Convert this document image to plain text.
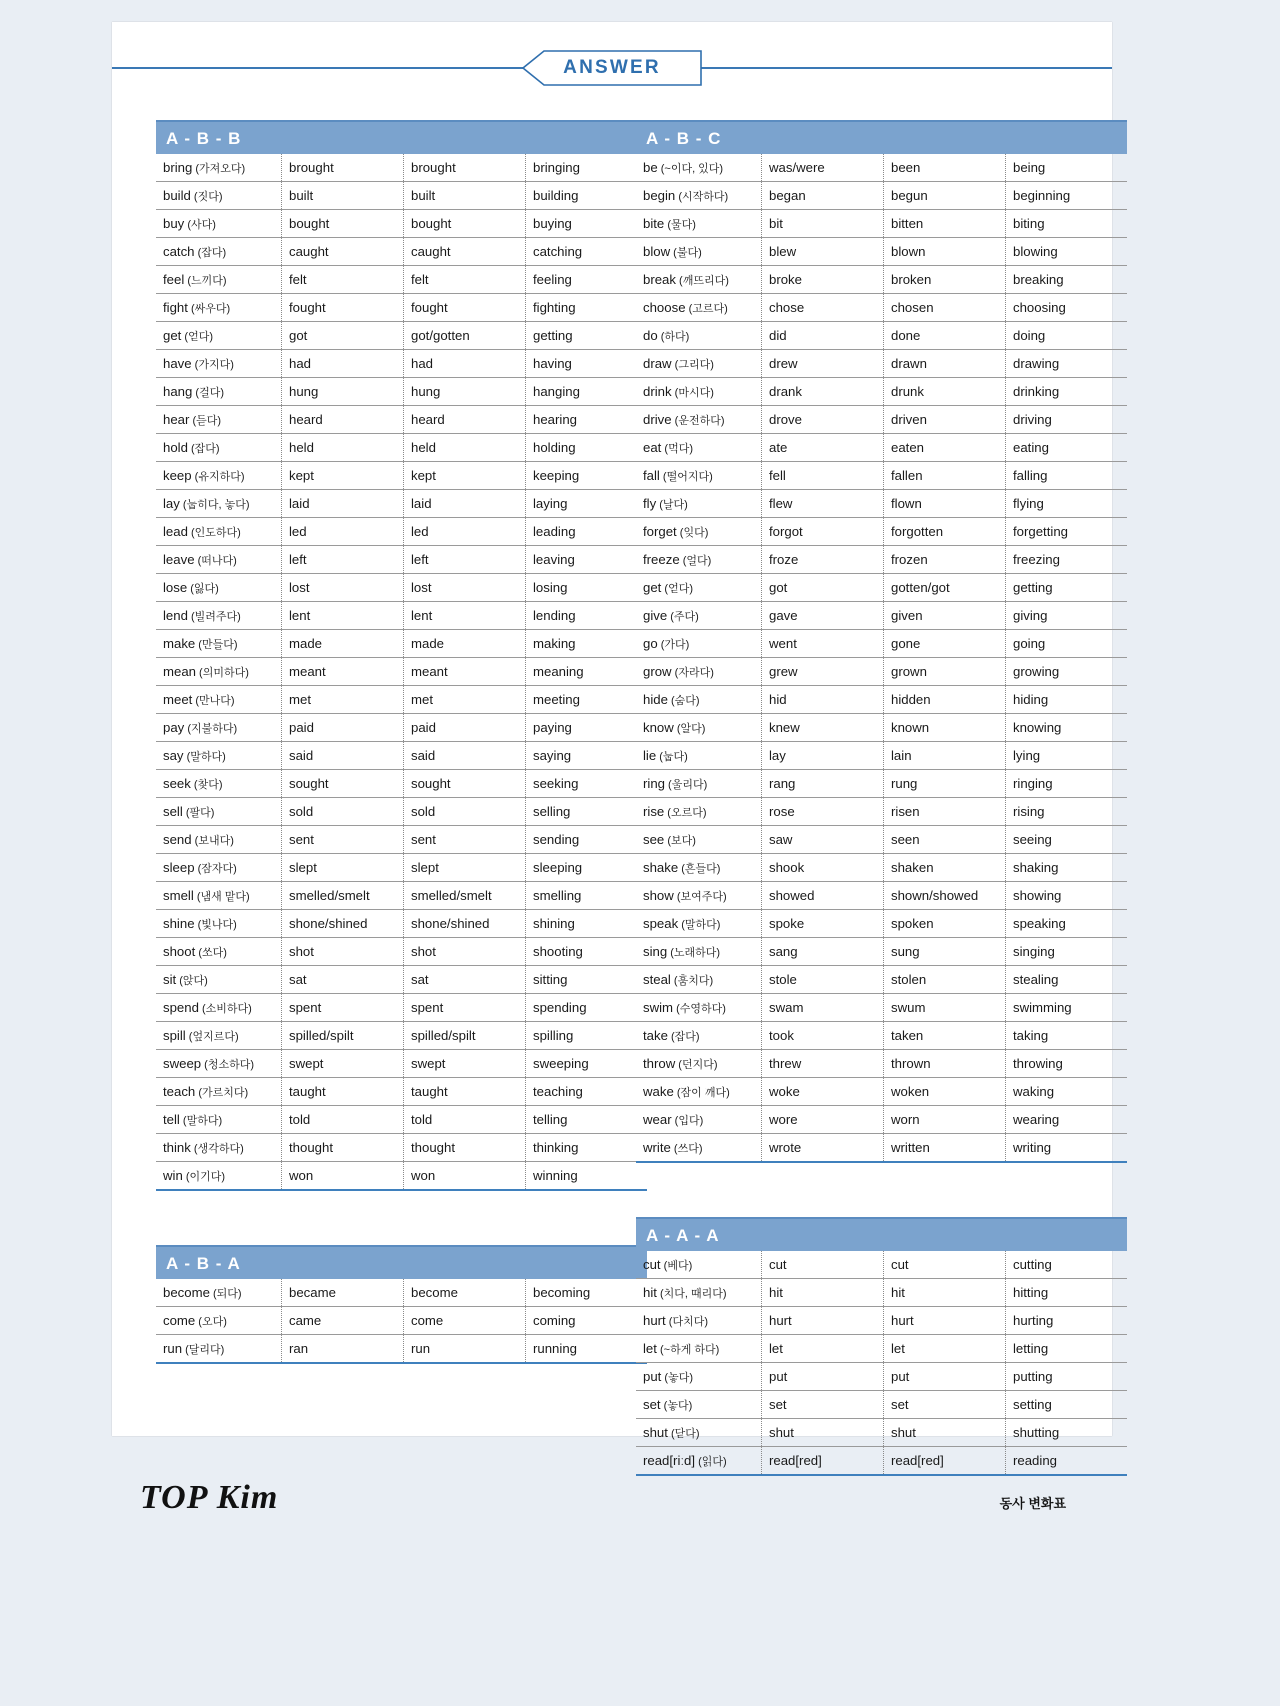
ANSWER
A - B - B
bring (가져오다)	brought	brought	bringing
build (짓다)	built	built	building
buy (사다)	bought	bought	buying
catch (잡다)	caught	caught	catching
feel (느끼다)	felt	felt	feeling
fight (싸우다)	fought	fought	fighting
get (얻다)	got	got/gotten	getting
have (가지다)	had	had	having
hang (걸다)	hung	hung	hanging
hear (듣다)	heard	heard	hearing
hold (잡다)	held	held	holding
keep (유지하다)	kept	kept	keeping
lay (눕히다, 놓다)	laid	laid	laying
lead (인도하다)	led	led	leading
leave (떠나다)	left	left	leaving
lose (잃다)	lost	lost	losing
lend (빌려주다)	lent	lent	lending
make (만들다)	made	made	making
mean (의미하다)	meant	meant	meaning
meet (만나다)	met	met	meeting
pay (지불하다)	paid	paid	paying
say (말하다)	said	said	saying
seek (찾다)	sought	sought	seeking
sell (팔다)	sold	sold	selling
send (보내다)	sent	sent	sending
sleep (잠자다)	slept	slept	sleeping
smell (냄새 맡다)	smelled/smelt	smelled/smelt	smelling
shine (빛나다)	shone/shined	shone/shined	shining
shoot (쏘다)	shot	shot	shooting
sit (앉다)	sat	sat	sitting
spend (소비하다)	spent	spent	spending
spill (엎지르다)	spilled/spilt	spilled/spilt	spilling
sweep (청소하다)	swept	swept	sweeping
teach (가르치다)	taught	taught	teaching
tell (말하다)	told	told	telling
think (생각하다)	thought	thought	thinking
win (이기다)	won	won	winning
A - B - A
become (되다)	became	become	becoming
come (오다)	came	come	coming
run (달리다)	ran	run	running
A - B - C
be (~이다, 있다)	was/were	been	being
begin (시작하다)	began	begun	beginning
bite (물다)	bit	bitten	biting
blow (불다)	blew	blown	blowing
break (깨뜨리다)	broke	broken	breaking
choose (고르다)	chose	chosen	choosing
do (하다)	did	done	doing
draw (그리다)	drew	drawn	drawing
drink (마시다)	drank	drunk	drinking
drive (운전하다)	drove	driven	driving
eat (먹다)	ate	eaten	eating
fall (떨어지다)	fell	fallen	falling
fly (날다)	flew	flown	flying
forget (잊다)	forgot	forgotten	forgetting
freeze (얼다)	froze	frozen	freezing
get (얻다)	got	gotten/got	getting
give (주다)	gave	given	giving
go (가다)	went	gone	going
grow (자라다)	grew	grown	growing
hide (숨다)	hid	hidden	hiding
know (알다)	knew	known	knowing
lie (눕다)	lay	lain	lying
ring (울리다)	rang	rung	ringing
rise (오르다)	rose	risen	rising
see (보다)	saw	seen	seeing
shake (흔들다)	shook	shaken	shaking
show (보여주다)	showed	shown/showed	showing
speak (말하다)	spoke	spoken	speaking
sing (노래하다)	sang	sung	singing
steal (훔치다)	stole	stolen	stealing
swim (수영하다)	swam	swum	swimming
take (잡다)	took	taken	taking
throw (던지다)	threw	thrown	throwing
wake (잠이 깨다)	woke	woken	waking
wear (입다)	wore	worn	wearing
write (쓰다)	wrote	written	writing
A - A - A
cut (베다)	cut	cut	cutting
hit (치다, 때리다)	hit	hit	hitting
hurt (다치다)	hurt	hurt	hurting
let (~하게 하다)	let	let	letting
put (놓다)	put	put	putting
set (놓다)	set	set	setting
shut (닫다)	shut	shut	shutting
read[riːd] (읽다)	read[red]	read[red]	reading
TOP Kim	동사 변화표
